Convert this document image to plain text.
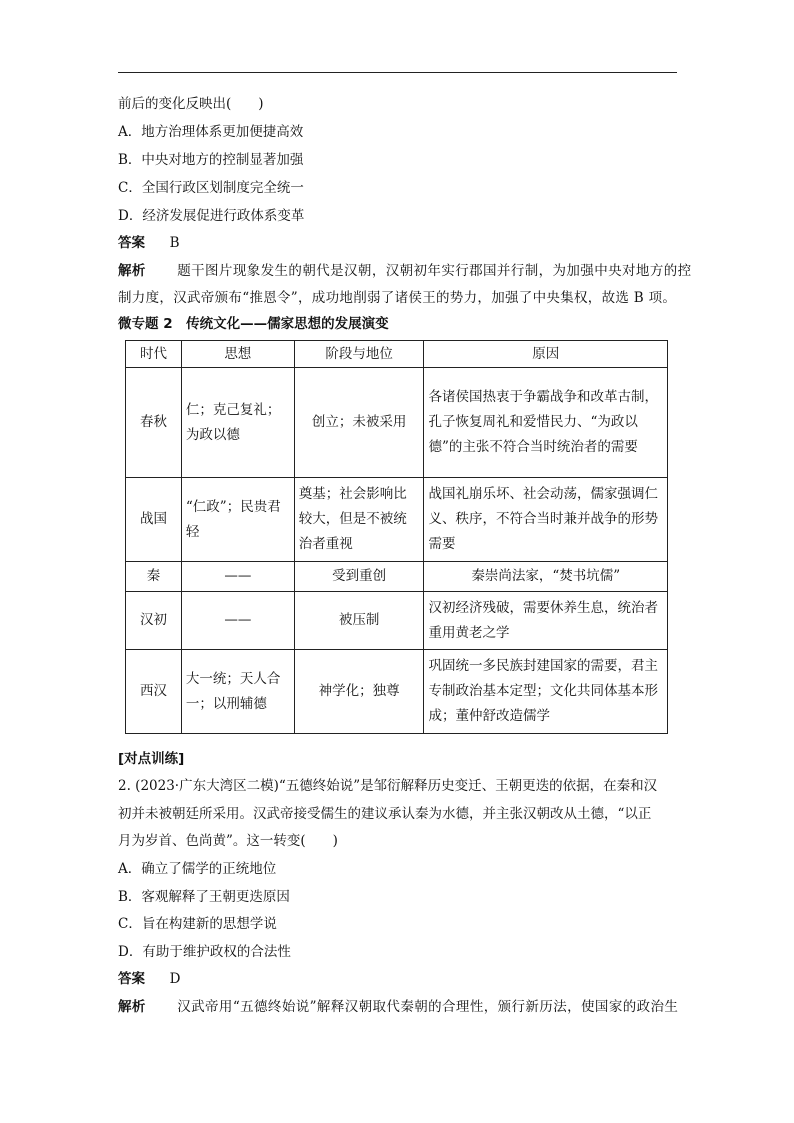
前后的变化反映出(　　)
A．地方治理体系更加便捷高效
B．中央对地方的控制显著加强
C．全国行政区划制度完全统一
D．经济发展促进行政体系变革
答案 B
解析 题干图片现象发生的朝代是汉朝，汉朝初年实行郡国并行制，为加强中央对地方的控
制力度，汉武帝颁布“推恩令”，成功地削弱了诸侯王的势力，加强了中央集权，故选 B 项。
微专题 2　传统文化——儒家思想的发展演变
时代	思想	阶段与地位	原因
春秋	仁；克己复礼；为政以德	创立；未被采用	各诸侯国热衷于争霸战争和改革古制，孔子恢复周礼和爱惜民力、“为政以德”的主张不符合当时统治者的需要
战国	“仁政”；民贵君轻	奠基；社会影响比较大，但是不被统治者重视	战国礼崩乐坏、社会动荡，儒家强调仁义、秩序，不符合当时兼并战争的形势需要
秦	——	受到重创	秦崇尚法家，“焚书坑儒”
汉初	——	被压制	汉初经济残破，需要休养生息，统治者重用黄老之学
西汉	大一统；天人合一；以刑辅德	神学化；独尊	巩固统一多民族封建国家的需要，君主专制政治基本定型；文化共同体基本形成；董仲舒改造儒学
[对点训练]
2. (2023·广东大湾区二模)“五德终始说”是邹衍解释历史变迁、王朝更迭的依据，在秦和汉
初并未被朝廷所采用。汉武帝接受儒生的建议承认秦为水德，并主张汉朝改从土德，“以正
月为岁首、色尚黄”。这一转变(　　)
A．确立了儒学的正统地位
B．客观解释了王朝更迭原因
C．旨在构建新的思想学说
D．有助于维护政权的合法性
答案 D
解析 汉武帝用“五德终始说”解释汉朝取代秦朝的合理性，颁行新历法，使国家的政治生
